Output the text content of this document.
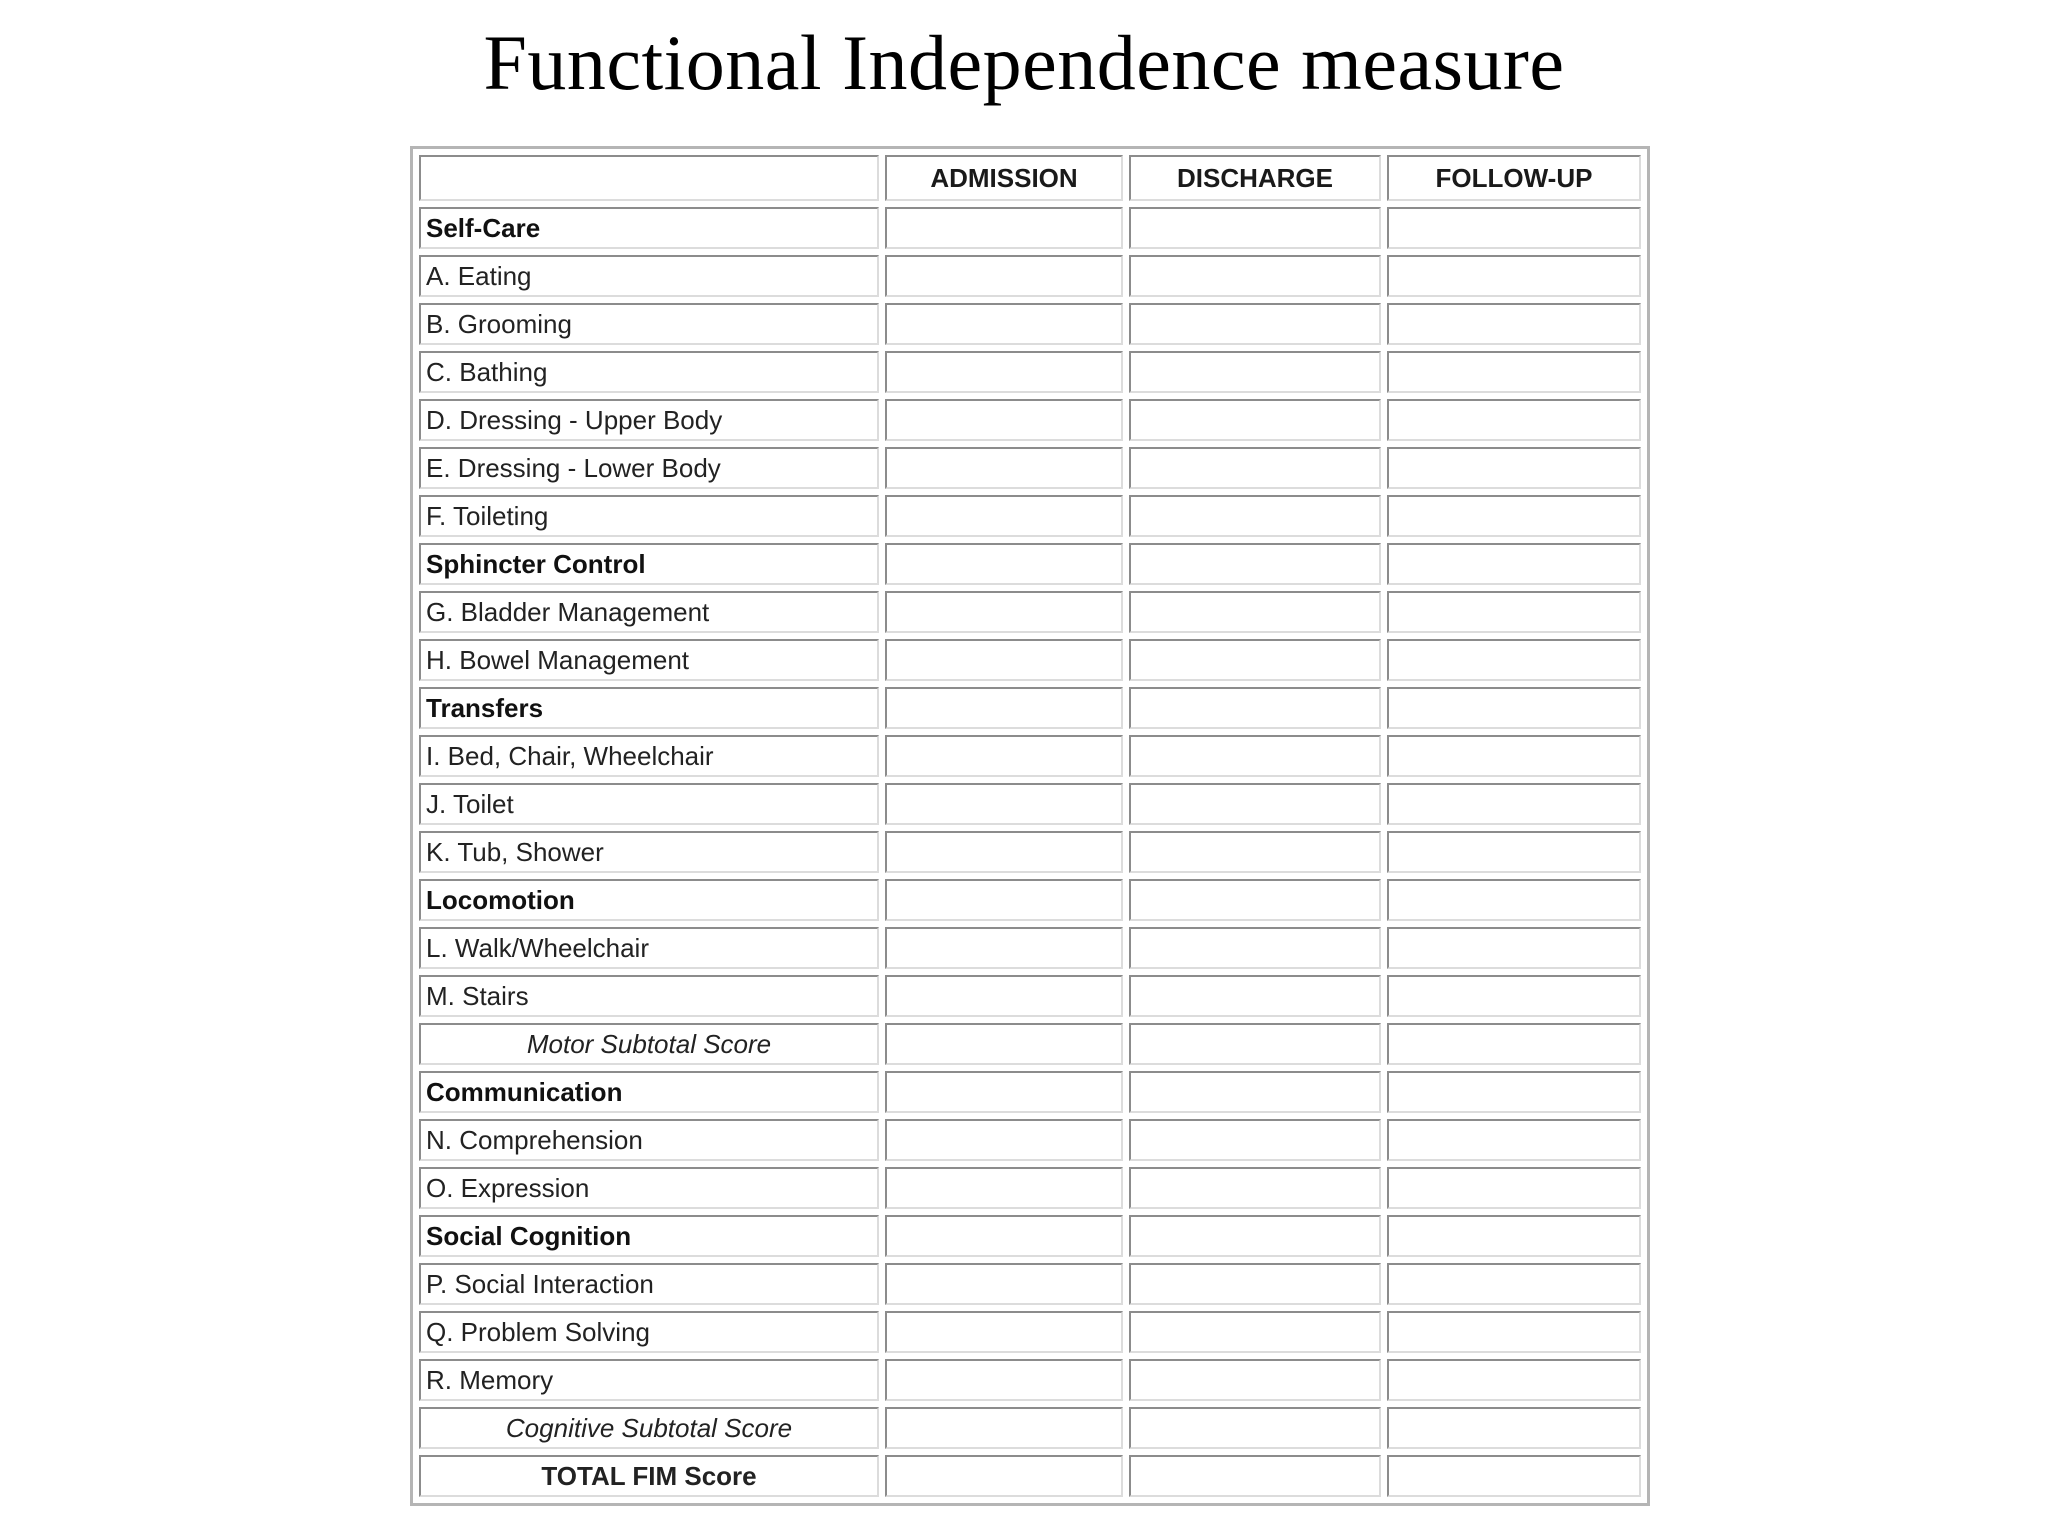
Functional Independence measure
	ADMISSION	DISCHARGE	FOLLOW-UP
Self-Care			
A. Eating			
B. Grooming			
C. Bathing			
D. Dressing - Upper Body			
E. Dressing - Lower Body			
F. Toileting			
Sphincter Control			
G. Bladder Management			
H. Bowel Management			
Transfers			
I. Bed, Chair, Wheelchair			
J. Toilet			
K. Tub, Shower			
Locomotion			
L. Walk/Wheelchair			
M. Stairs			
Motor Subtotal Score			
Communication			
N. Comprehension			
O. Expression			
Social Cognition			
P. Social Interaction			
Q. Problem Solving			
R. Memory			
Cognitive Subtotal Score			
TOTAL FIM Score			
